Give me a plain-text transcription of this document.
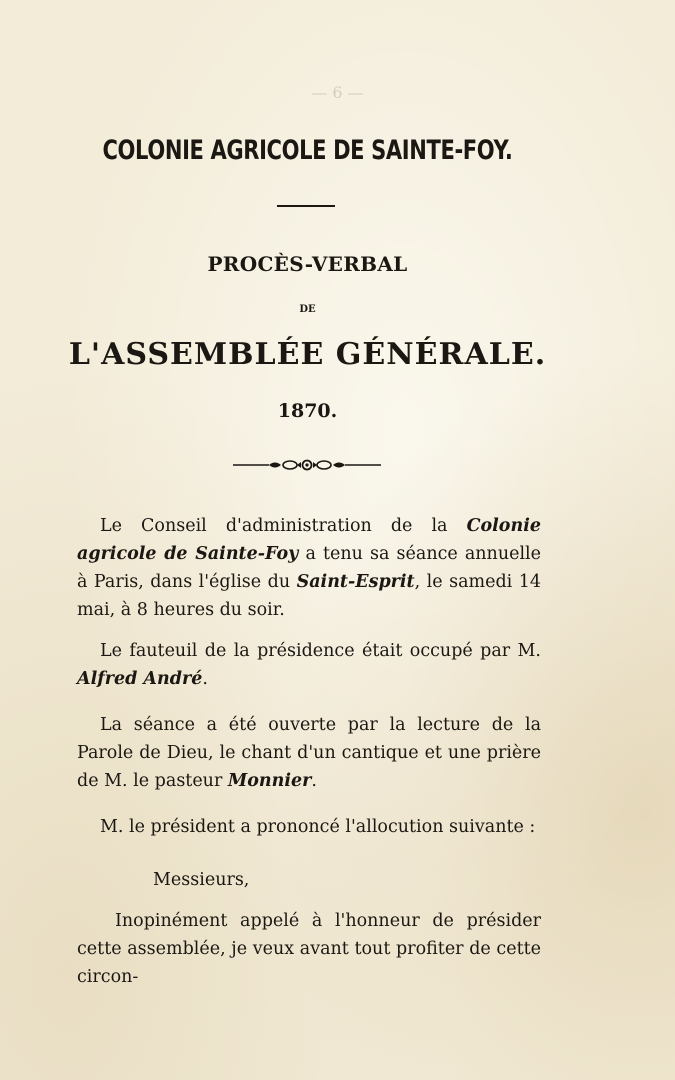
— 6 —
COLONIE AGRICOLE DE SAINTE-FOY.
PROCÈS-VERBAL
DE
L'ASSEMBLÉE GÉNÉRALE.
1870.
Le Conseil d'administration de la Colonie agricole de Sainte-Foy a tenu sa séance annuelle à Paris, dans l'église du Saint-Esprit, le samedi 14 mai, à 8 heures du soir.
Le fauteuil de la présidence était occupé par M. Alfred André.
La séance a été ouverte par la lecture de la Parole de Dieu, le chant d'un cantique et une prière de M. le pasteur Monnier.
M. le président a prononcé l'allocution suivante :
Messieurs,
Inopinément appelé à l'honneur de présider cette assemblée, je veux avant tout profiter de cette circon-
